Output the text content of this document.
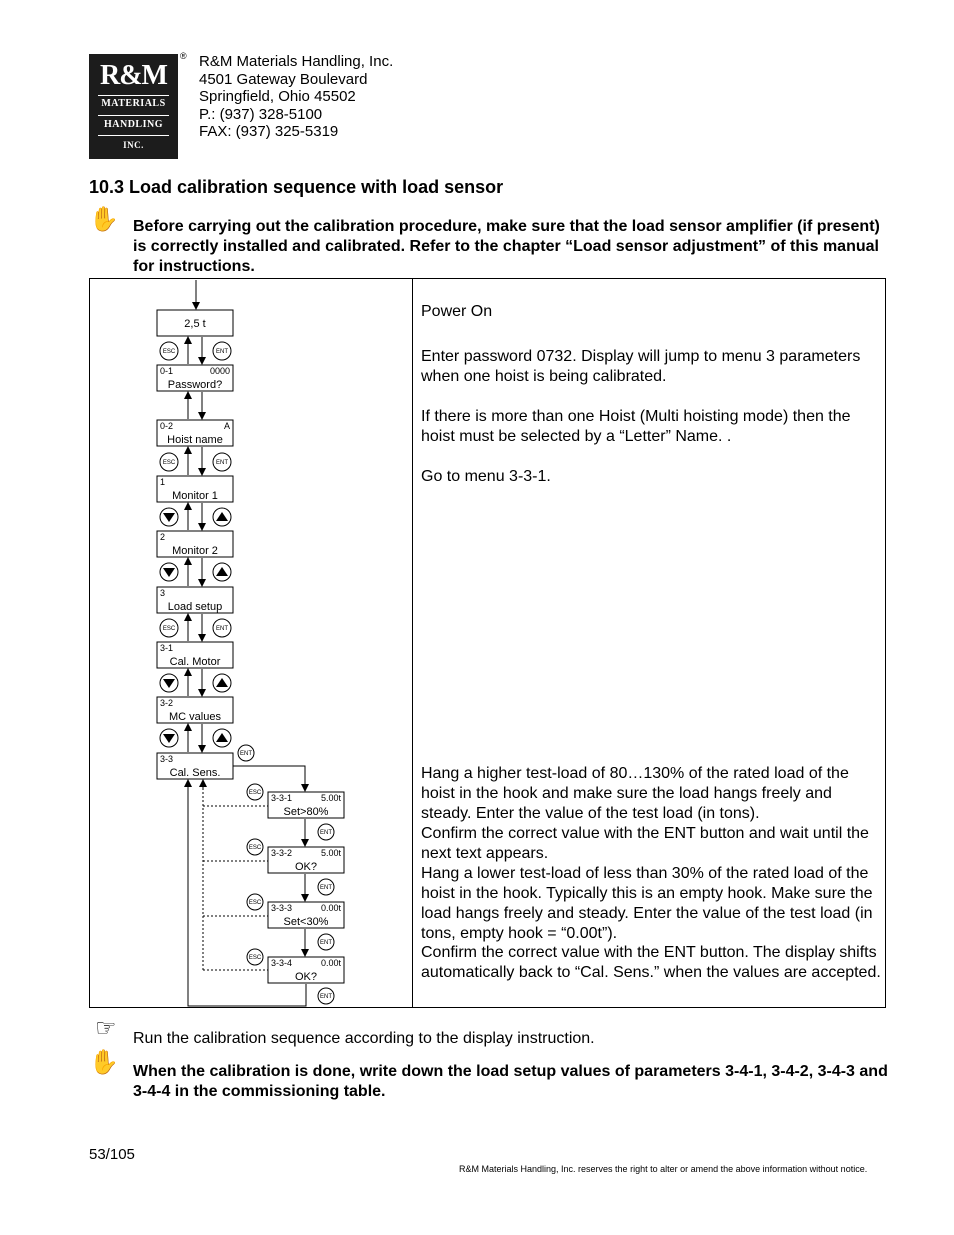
R&M
MATERIALS
HANDLING
INC.
® R&M Materials Handling, Inc.
4501 Gateway Boulevard
Springfield, Ohio 45502
P.: (937) 328-5100
FAX: (937) 325-5319
10.3 Load calibration sequence with load sensor
✋ Before carrying out the calibration procedure, make sure that the load sensor amplifier (if present) is correctly installed and calibrated. Refer to the chapter “Load sensor adjustment” of this manual for instructions.
2,5 t
0-1	0000
Password?
0-2	A
Hoist name
1
Monitor 1
2
Monitor 2
3
Load setup
3-1
Cal. Motor
3-2
MC values
3-3
Cal. Sens.
ESC	ENT
ESC	ENT
ESC	ENT
ENT
3-3-1	5.00t
Set>80%
ESC
ENT
3-3-2	5.00t
OK?
ESC
ENT
3-3-3	0.00t
Set<30%
ESC
ENT
3-3-4	0.00t
OK?
ESC
ENT
Power On
Enter password 0732. Display will jump to menu 3 parameters when one hoist is being calibrated.
If there is more than one Hoist (Multi hoisting mode) then the hoist must be selected by a “Letter” Name. .
Go to menu 3-3-1.
Hang a higher test-load of 80…130% of the rated load of the hoist in the hook and make sure the load hangs freely and steady. Enter the value of the test load (in tons).
Confirm the correct value with the ENT button and wait until the next text appears.
Hang a lower test-load of less than 30% of the rated load of the hoist in the hook. Typically this is an empty hook. Make sure the load hangs freely and steady. Enter the value of the test load (in tons, empty hook = “0.00t”).
Confirm the correct value with the ENT button. The display shifts automatically back to “Cal. Sens.” when the values are accepted.
☞ Run the calibration sequence according to the display instruction.
✋ When the calibration is done, write down the load setup values of parameters 3-4-1, 3-4-2, 3-4-3 and 3-4-4 in the commissioning table.
53/105
R&M Materials Handling, Inc. reserves the right to alter or amend the above information without notice.
